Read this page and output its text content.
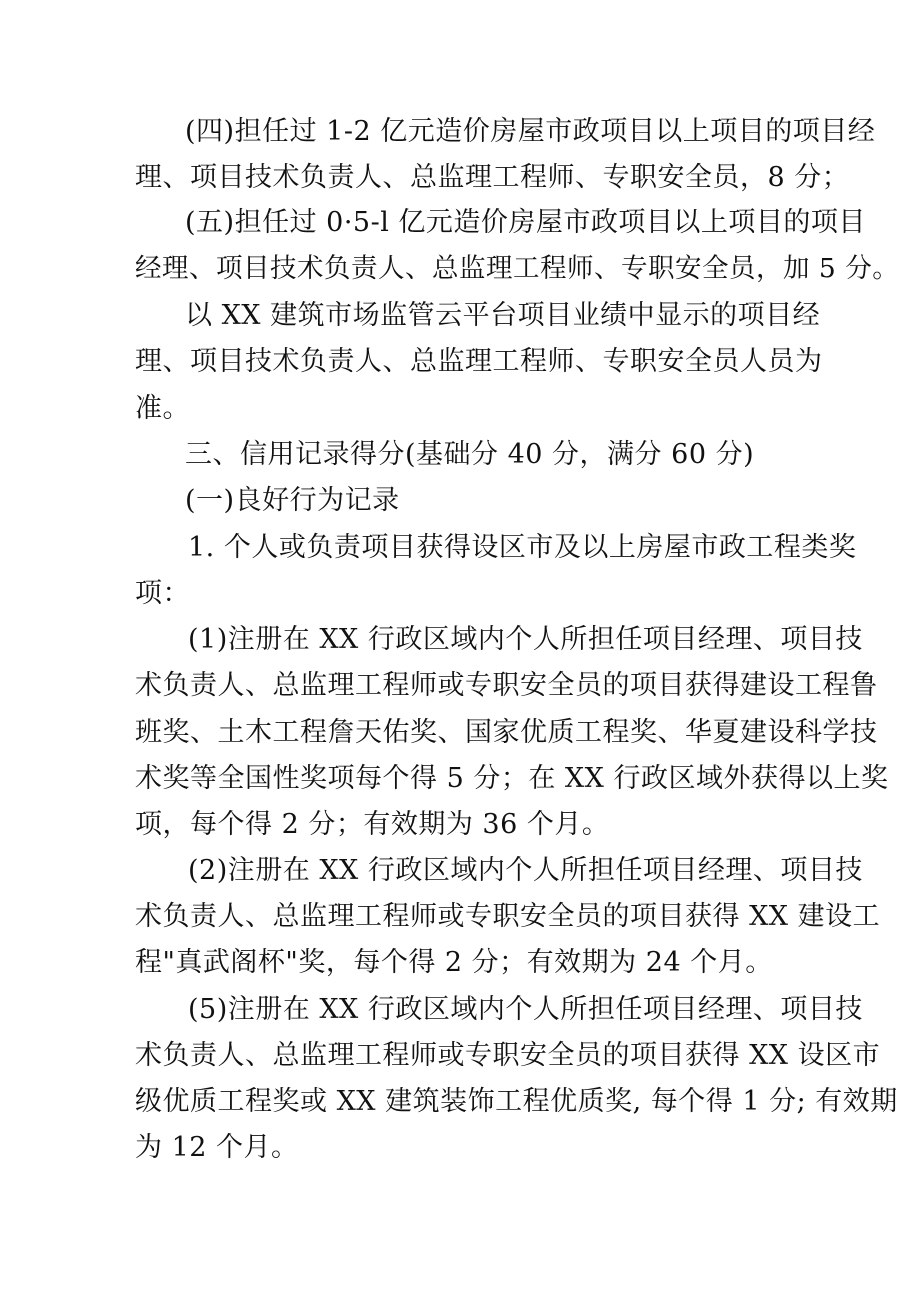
(四)担任过 1-2 亿元造价房屋市政项目以上项目的项目经
理、项目技术负责人、总监理工程师、专职安全员，8 分；
(五)担任过 0·5-l 亿元造价房屋市政项目以上项目的项目
经理、项目技术负责人、总监理工程师、专职安全员，加 5 分。
以 XX 建筑市场监管云平台项目业绩中显示的项目经
理、项目技术负责人、总监理工程师、专职安全员人员为
准。
三、信用记录得分(基础分 40 分，满分 60 分)
(一)良好行为记录
1. 个人或负责项目获得设区市及以上房屋市政工程类奖
项：
(1)注册在 XX 行政区域内个人所担任项目经理、项目技
术负责人、总监理工程师或专职安全员的项目获得建设工程鲁
班奖、土木工程詹天佑奖、国家优质工程奖、华夏建设科学技
术奖等全国性奖项每个得 5 分；在 XX 行政区域外获得以上奖
项，每个得 2 分；有效期为 36 个月。
(2)注册在 XX 行政区域内个人所担任项目经理、项目技
术负责人、总监理工程师或专职安全员的项目获得 XX 建设工
程"真武阁杯"奖，每个得 2 分；有效期为 24 个月。
(5)注册在 XX 行政区域内个人所担任项目经理、项目技
术负责人、总监理工程师或专职安全员的项目获得 XX 设区市
级优质工程奖或 XX 建筑装饰工程优质奖, 每个得 1 分; 有效期
为 12 个月。
